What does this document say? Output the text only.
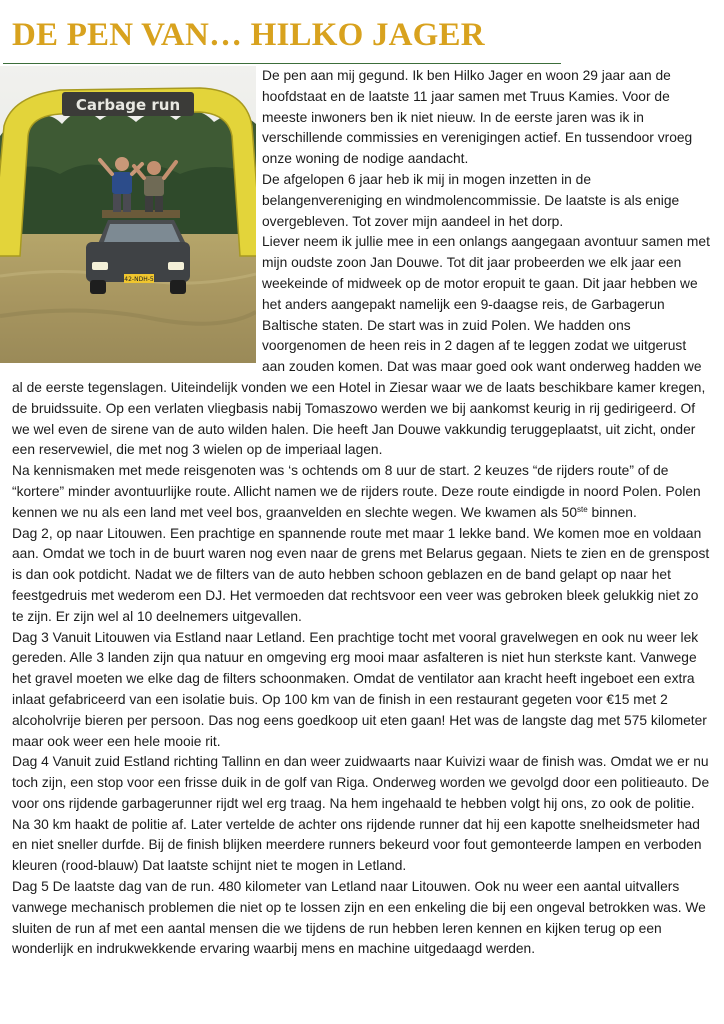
DE PEN VAN… HILKO JAGER
Carbage run
42-NDH-5

De pen aan mij gegund. Ik ben Hilko Jager en woon 29 jaar aan de hoofdstaat en de laatste 11 jaar samen met Truus Kamies. Voor de meeste inwoners ben ik niet nieuw. In de eerste jaren was ik in verschillende commissies en verenigingen actief. En tussendoor vroeg onze woning de nodige aandacht.

De afgelopen 6 jaar heb ik mij in mogen inzetten in de belangenvereniging en windmolencommissie. De laatste is als enige overgebleven. Tot zover mijn aandeel in het dorp.

Liever neem ik jullie mee in een onlangs aangegaan avontuur samen met mijn oudste zoon Jan Douwe. Tot dit jaar probeerden we elk jaar een weekeinde of midweek op de motor eropuit te gaan. Dit jaar hebben we het anders aangepakt namelijk een 9-daagse reis, de Garbagerun Baltische staten. De start was in zuid Polen. We hadden ons voorgenomen de heen reis in 2 dagen af te leggen zodat we uitgerust aan zouden komen. Dat was maar goed ook want onderweg hadden we al de eerste tegenslagen. Uiteindelijk vonden we een Hotel in Ziesar waar we de laats beschikbare kamer kregen, de bruidssuite. Op een verlaten vliegbasis nabij Tomaszowo werden we bij aankomst keurig in rij gedirigeerd. Of we wel even de sirene van de auto wilden halen. Die heeft Jan Douwe vakkundig teruggeplaatst, uit zicht, onder een reservewiel, die met nog 3 wielen op de imperiaal lagen.

Na kennismaken met mede reisgenoten was ‘s ochtends om 8 uur de start. 2 keuzes “de rijders route” of de “kortere” minder avontuurlijke route. Allicht namen we de rijders route. Deze route eindigde in noord Polen. Polen kennen we nu als een land met veel bos, graanvelden en slechte wegen. We kwamen als 50ste binnen.

Dag 2, op naar Litouwen. Een prachtige en spannende route met maar 1 lekke band. We komen moe en voldaan aan. Omdat we toch in de buurt waren nog even naar de grens met Belarus gegaan. Niets te zien en de grenspost is dan ook potdicht. Nadat we de filters van de auto hebben schoon geblazen en de band gelapt op naar het feestgedruis met wederom een DJ. Het vermoeden dat rechtsvoor een veer was gebroken bleek gelukkig niet zo te zijn. Er zijn wel al 10 deelnemers uitgevallen.

Dag 3 Vanuit Litouwen via Estland naar Letland. Een prachtige tocht met vooral gravelwegen en ook nu weer lek gereden. Alle 3 landen zijn qua natuur en omgeving erg mooi maar asfalteren is niet hun sterkste kant. Vanwege het gravel moeten we elke dag de filters schoonmaken. Omdat de ventilator aan kracht heeft ingeboet een extra inlaat gefabriceerd van een isolatie buis. Op 100 km van de finish in een restaurant gegeten voor €15 met 2 alcoholvrije bieren per persoon. Das nog eens goedkoop uit eten gaan! Het was de langste dag met 575 kilometer maar ook weer een hele mooie rit.

Dag 4 Vanuit zuid Estland richting Tallinn en dan weer zuidwaarts naar Kuivizi waar de finish was. Omdat we er nu toch zijn, een stop voor een frisse duik in de golf van Riga. Onderweg worden we gevolgd door een politieauto. De voor ons rijdende garbagerunner rijdt wel erg traag. Na hem ingehaald te hebben volgt hij ons, zo ook de politie. Na 30 km haakt de politie af. Later vertelde de achter ons rijdende runner dat hij een kapotte snelheidsmeter had en niet sneller durfde. Bij de finish blijken meerdere runners bekeurd voor fout gemonteerde lampen en verboden kleuren (rood-blauw) Dat laatste schijnt niet te mogen in Letland.

Dag 5 De laatste dag van de run. 480 kilometer van Letland naar Litouwen. Ook nu weer een aantal uitvallers vanwege mechanisch problemen die niet op te lossen zijn en een enkeling die bij een ongeval betrokken was. We sluiten de run af met een aantal mensen die we tijdens de run hebben leren kennen en kijken terug op een wonderlijk en indrukwekkende ervaring waarbij mens en machine uitgedaagd werden.
